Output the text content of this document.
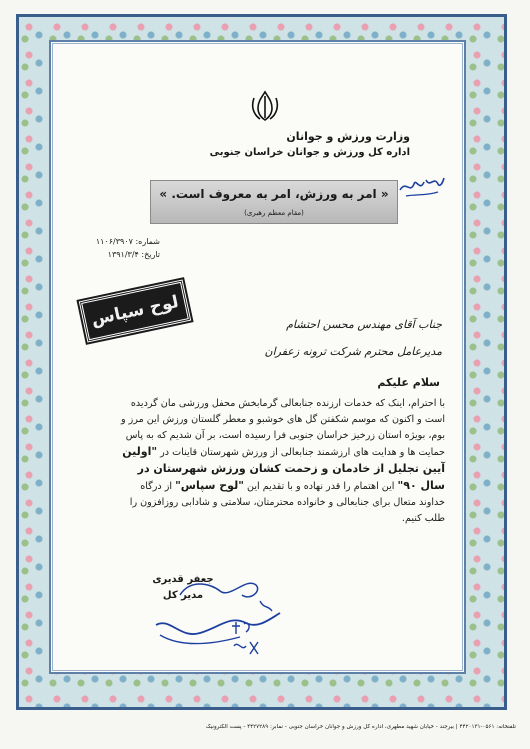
وزارت ورزش و جوانان
اداره کل ورزش و جوانان خراسان جنوبی
« امر به ورزش، امر به معروف است. »
(مقام معظم رهبری)
شماره: ۱۱۰۶/۳۹۰۷
تاریخ: ۱۳۹۱/۳/۴
لوح سپاس	جناب آقای مهندس محسن احتشام
مدیرعامل محترم شرکت ترونه زعفران
سلام علیکم
با احترام، اینک که خدمات ارزنده جنابعالی گرمابخش محفل ورزشی مان گردیده است و اکنون که موسم شکفتن گل های خوشبو و معطر گلستان ورزش این مرز و بوم، بویژه استان زرخیز خراسان جنوبی فرا رسیده است، بر آن شدیم که به پاس حمایت ها و هدایت های ارزشمند جنابعالی از ورزش شهرستان قاینات در "اولین آیین تجلیل از خادمان و زحمت کشان ورزش شهرستان در سال ۹۰" این اهتمام را قدر نهاده و با تقدیم این "لوح سپاس" از درگاه خداوند متعال برای جنابعالی و خانواده محترمتان، سلامتی و شادابی روزافزون را طلب کنیم.
جعفر قدیری
مدیر کل
تلفنخانه: ۰۵۶۱-۴۴۲۰۱۳۱ | بیرجند - خیابان شهید مطهری، اداره کل ورزش و جوانان خراسان جنوبی - نمابر: ۴۴۲۷۲۸۹ - پست الکترونیک
